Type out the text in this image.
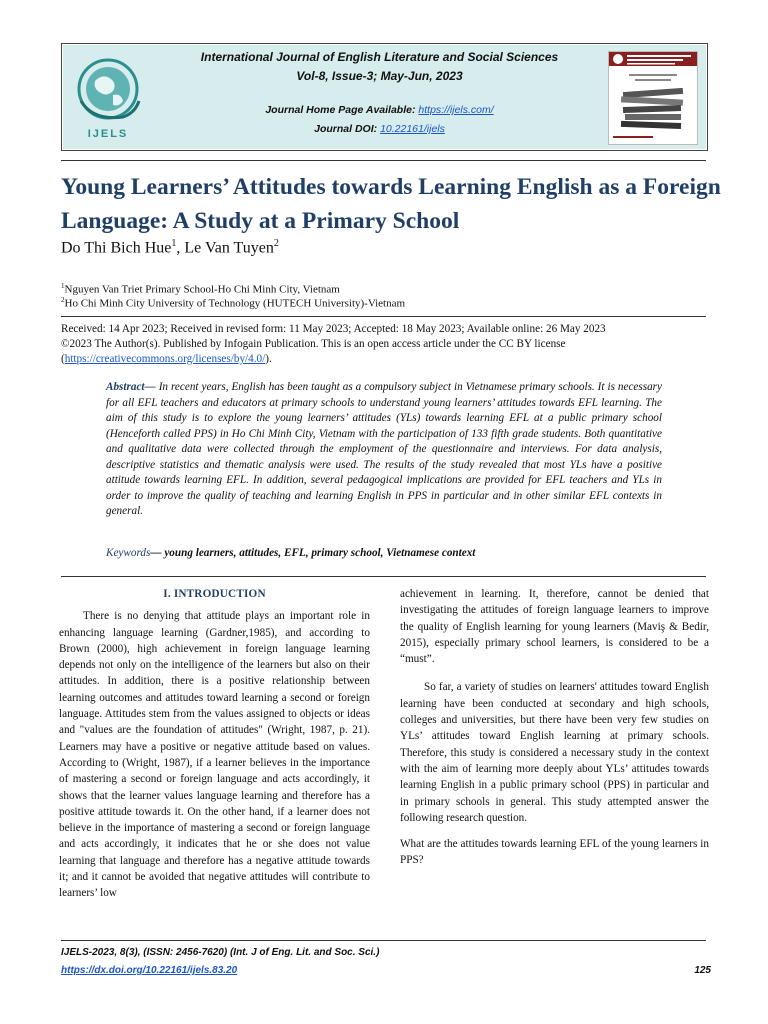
IJELS
International Journal of English Literature and Social Sciences
Vol-8, Issue-3; May-Jun, 2023
Journal Home Page Available: https://ijels.com/
Journal DOI: 10.22161/ijels
Young Learners’ Attitudes towards Learning English as a Foreign Language: A Study at a Primary School
Do Thi Bich Hue$^1$, Le Van Tuyen$^2$
$^1$Nguyen Van Triet Primary School-Ho Chi Minh City, Vietnam
$^2$Ho Chi Minh City University of Technology (HUTECH University)-Vietnam
Received: 14 Apr 2023; Received in revised form: 11 May 2023; Accepted: 18 May 2023; Available online: 26 May 2023
©2023 The Author(s). Published by Infogain Publication. This is an open access article under the CC BY license
(https://creativecommons.org/licenses/by/4.0/).
Abstract— In recent years, English has been taught as a compulsory subject in Vietnamese primary schools. It is necessary for all EFL teachers and educators at primary schools to understand young learners’ attitudes towards EFL learning. The aim of this study is to explore the young learners’ attitudes (YLs) towards learning EFL at a public primary school (Henceforth called PPS) in Ho Chi Minh City, Vietnam with the participation of 133 fifth grade students. Both quantitative and qualitative data were collected through the employment of the questionnaire and interviews. For data analysis, descriptive statistics and thematic analysis were used. The results of the study revealed that most YLs have a positive attitude towards learning EFL. In addition, several pedagogical implications are provided for EFL teachers and YLs in order to improve the quality of teaching and learning English in PPS in particular and in other similar EFL contexts in general.
Keywords— young learners, attitudes, EFL, primary school, Vietnamese context

I. INTRODUCTION

There is no denying that attitude plays an important role in enhancing language learning (Gardner,1985), and according to Brown (2000), high achievement in foreign language learning depends not only on the intelligence of the learners but also on their attitudes. In addition, there is a positive relationship between learning outcomes and attitudes toward learning a second or foreign language. Attitudes stem from the values assigned to objects or ideas and "values are the foundation of attitudes" (Wright, 1987, p. 21). Learners may have a positive or negative attitude based on values. According to (Wright, 1987), if a learner believes in the importance of mastering a second or foreign language and acts accordingly, it shows that the learner values language learning and therefore has a positive attitude towards it. On the other hand, if a learner does not believe in the importance of mastering a second or foreign language and acts accordingly, it indicates that he or she does not value learning that language and therefore has a negative attitude towards it; and it cannot be avoided that negative attitudes will contribute to learners’ low

achievement in learning. It, therefore, cannot be denied that investigating the attitudes of foreign language learners to improve the quality of English learning for young learners (Maviş & Bedir, 2015), especially primary school learners, is considered to be a “must”.

So far, a variety of studies on learners' attitudes toward English learning have been conducted at secondary and high schools, colleges and universities, but there have been very few studies on YLs’ attitudes toward English learning at primary schools. Therefore, this study is considered a necessary study in the context with the aim of learning more deeply about YLs’ attitudes towards learning English in a public primary school (PPS) in particular and in primary schools in general. This study attempted answer the following research question.

What are the attitudes towards learning EFL of the young learners in PPS?

IJELS-2023, 8(3), (ISSN: 2456-7620) (Int. J of Eng. Lit. and Soc. Sci.)
https://dx.doi.org/10.22161/ijels.83.20	125
